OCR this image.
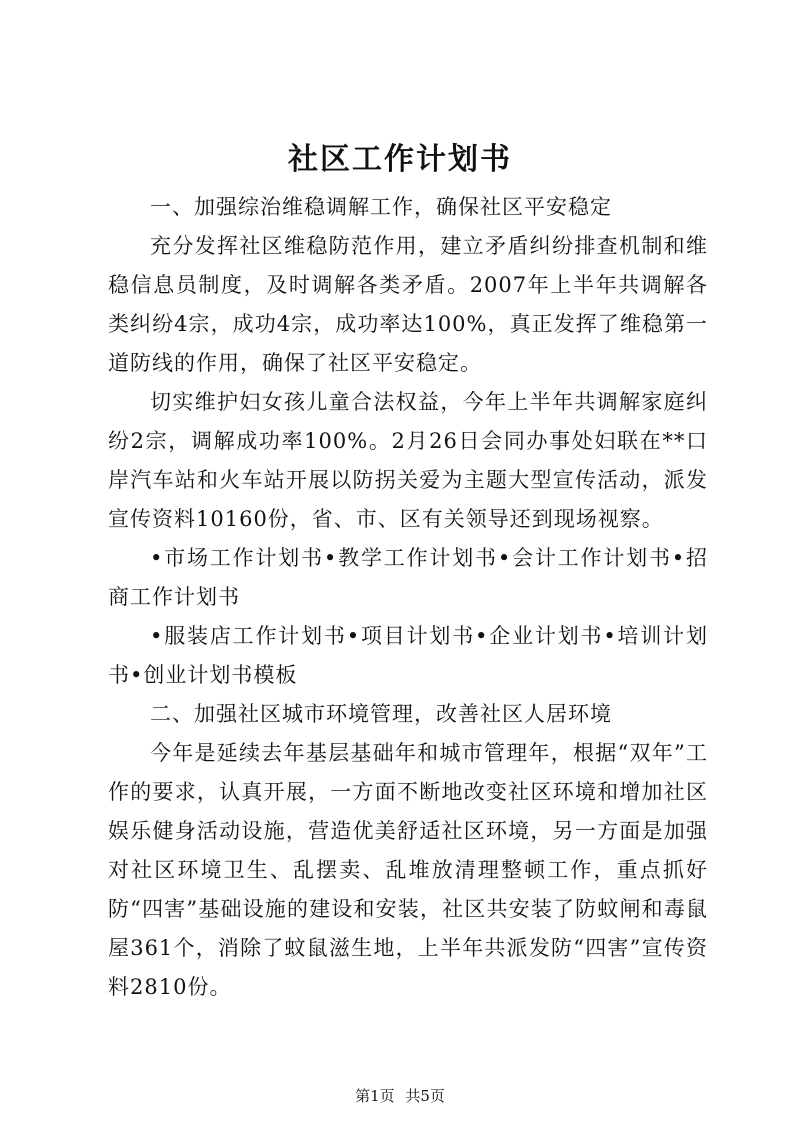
社区工作计划书

一、加强综治维稳调解工作，确保社区平安稳定

充分发挥社区维稳防范作用，建立矛盾纠纷排查机制和维稳信息员制度，及时调解各类矛盾。2007年上半年共调解各类纠纷4宗，成功4宗，成功率达100%，真正发挥了维稳第一道防线的作用，确保了社区平安稳定。

切实维护妇女孩儿童合法权益，今年上半年共调解家庭纠纷2宗，调解成功率100%。2月26日会同办事处妇联在**口岸汽车站和火车站开展以防拐关爱为主题大型宣传活动，派发宣传资料10160份，省、市、区有关领导还到现场视察。

•市场工作计划书•教学工作计划书•会计工作计划书•招商工作计划书

•服装店工作计划书•项目计划书•企业计划书•培训计划书•创业计划书模板

二、加强社区城市环境管理，改善社区人居环境

今年是延续去年基层基础年和城市管理年，根据“双年”工作的要求，认真开展，一方面不断地改变社区环境和增加社区娱乐健身活动设施，营造优美舒适社区环境，另一方面是加强对社区环境卫生、乱摆卖、乱堆放清理整顿工作，重点抓好防“四害”基础设施的建设和安装，社区共安装了防蚊闸和毒鼠屋361个，消除了蚊鼠滋生地，上半年共派发防“四害”宣传资料2810份。

第1页 共5页
